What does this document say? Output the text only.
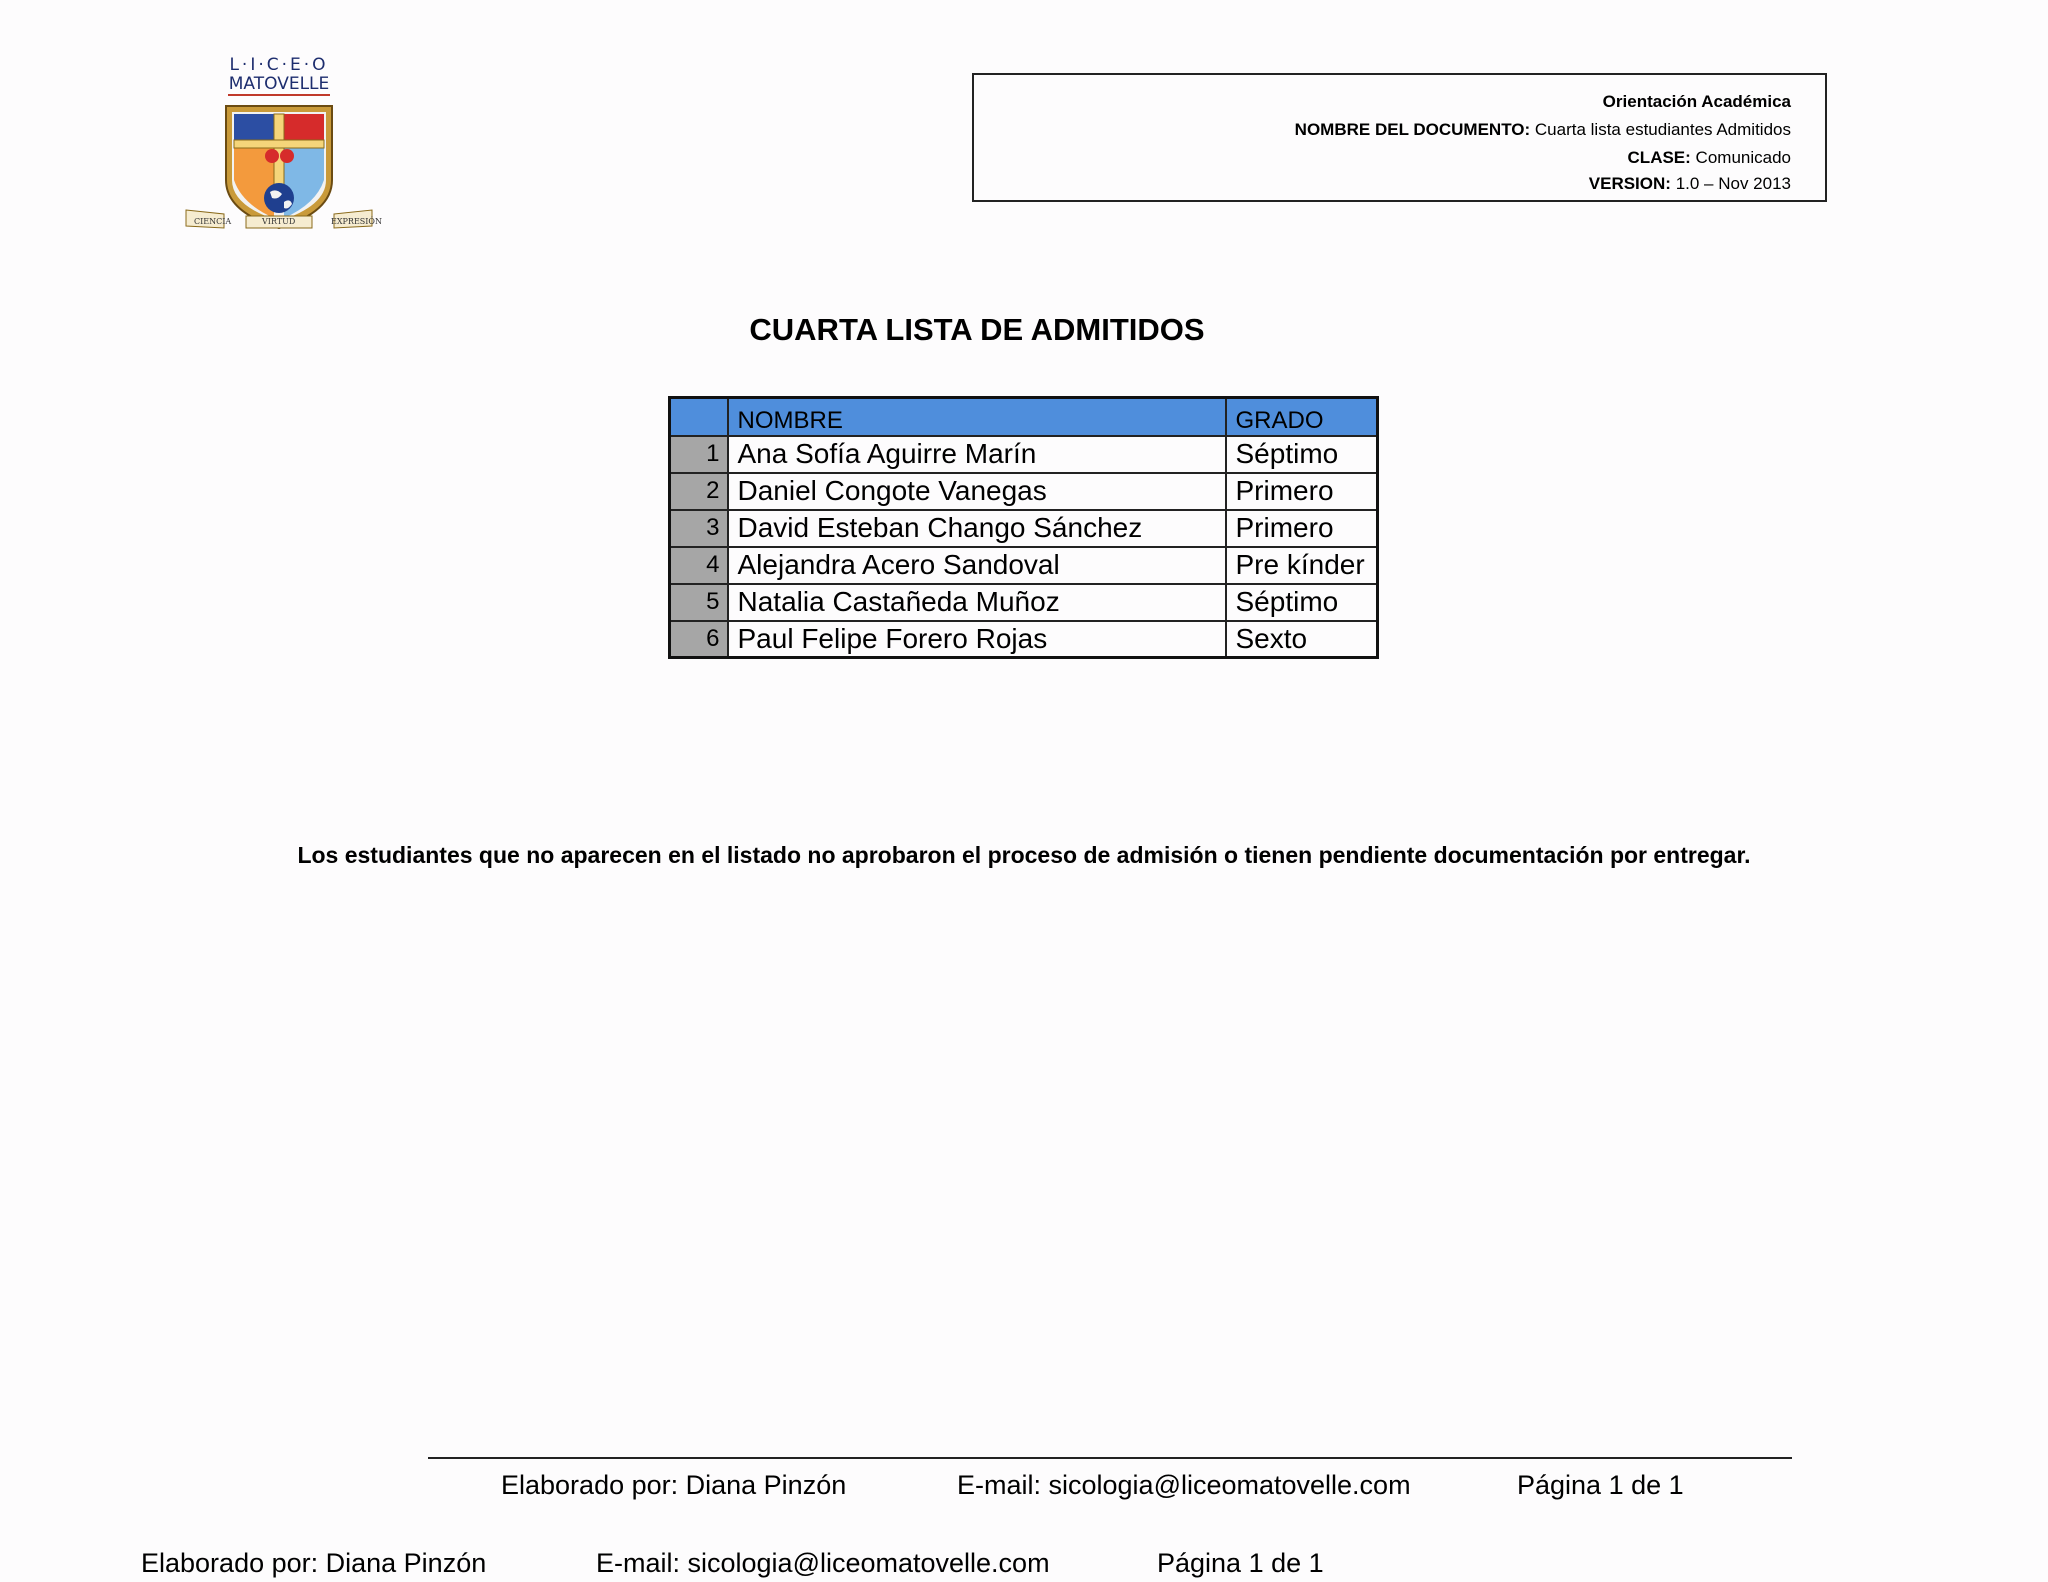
L·I·C·E·O
MATOVELLE
CIENCIA	VIRTUD	EXPRESIÓN
Orientación Académica
NOMBRE DEL DOCUMENTO: Cuarta lista estudiantes Admitidos
CLASE: Comunicado
VERSION: 1.0 – Nov 2013
CUARTA LISTA DE ADMITIDOS
	NOMBRE	GRADO
1	Ana Sofía Aguirre Marín	Séptimo
2	Daniel Congote Vanegas	Primero
3	David Esteban Chango Sánchez	Primero
4	Alejandra Acero Sandoval	Pre kínder
5	Natalia Castañeda Muñoz	Séptimo
6	Paul Felipe Forero Rojas	Sexto
Los estudiantes que no aparecen en el listado no aprobaron el proceso de admisión o tienen pendiente documentación por entregar.
Elaborado por: Diana Pinzón	E-mail: sicologia@liceomatovelle.com	Página 1 de 1
Elaborado por: Diana Pinzón	E-mail: sicologia@liceomatovelle.com	Página 1 de 1
